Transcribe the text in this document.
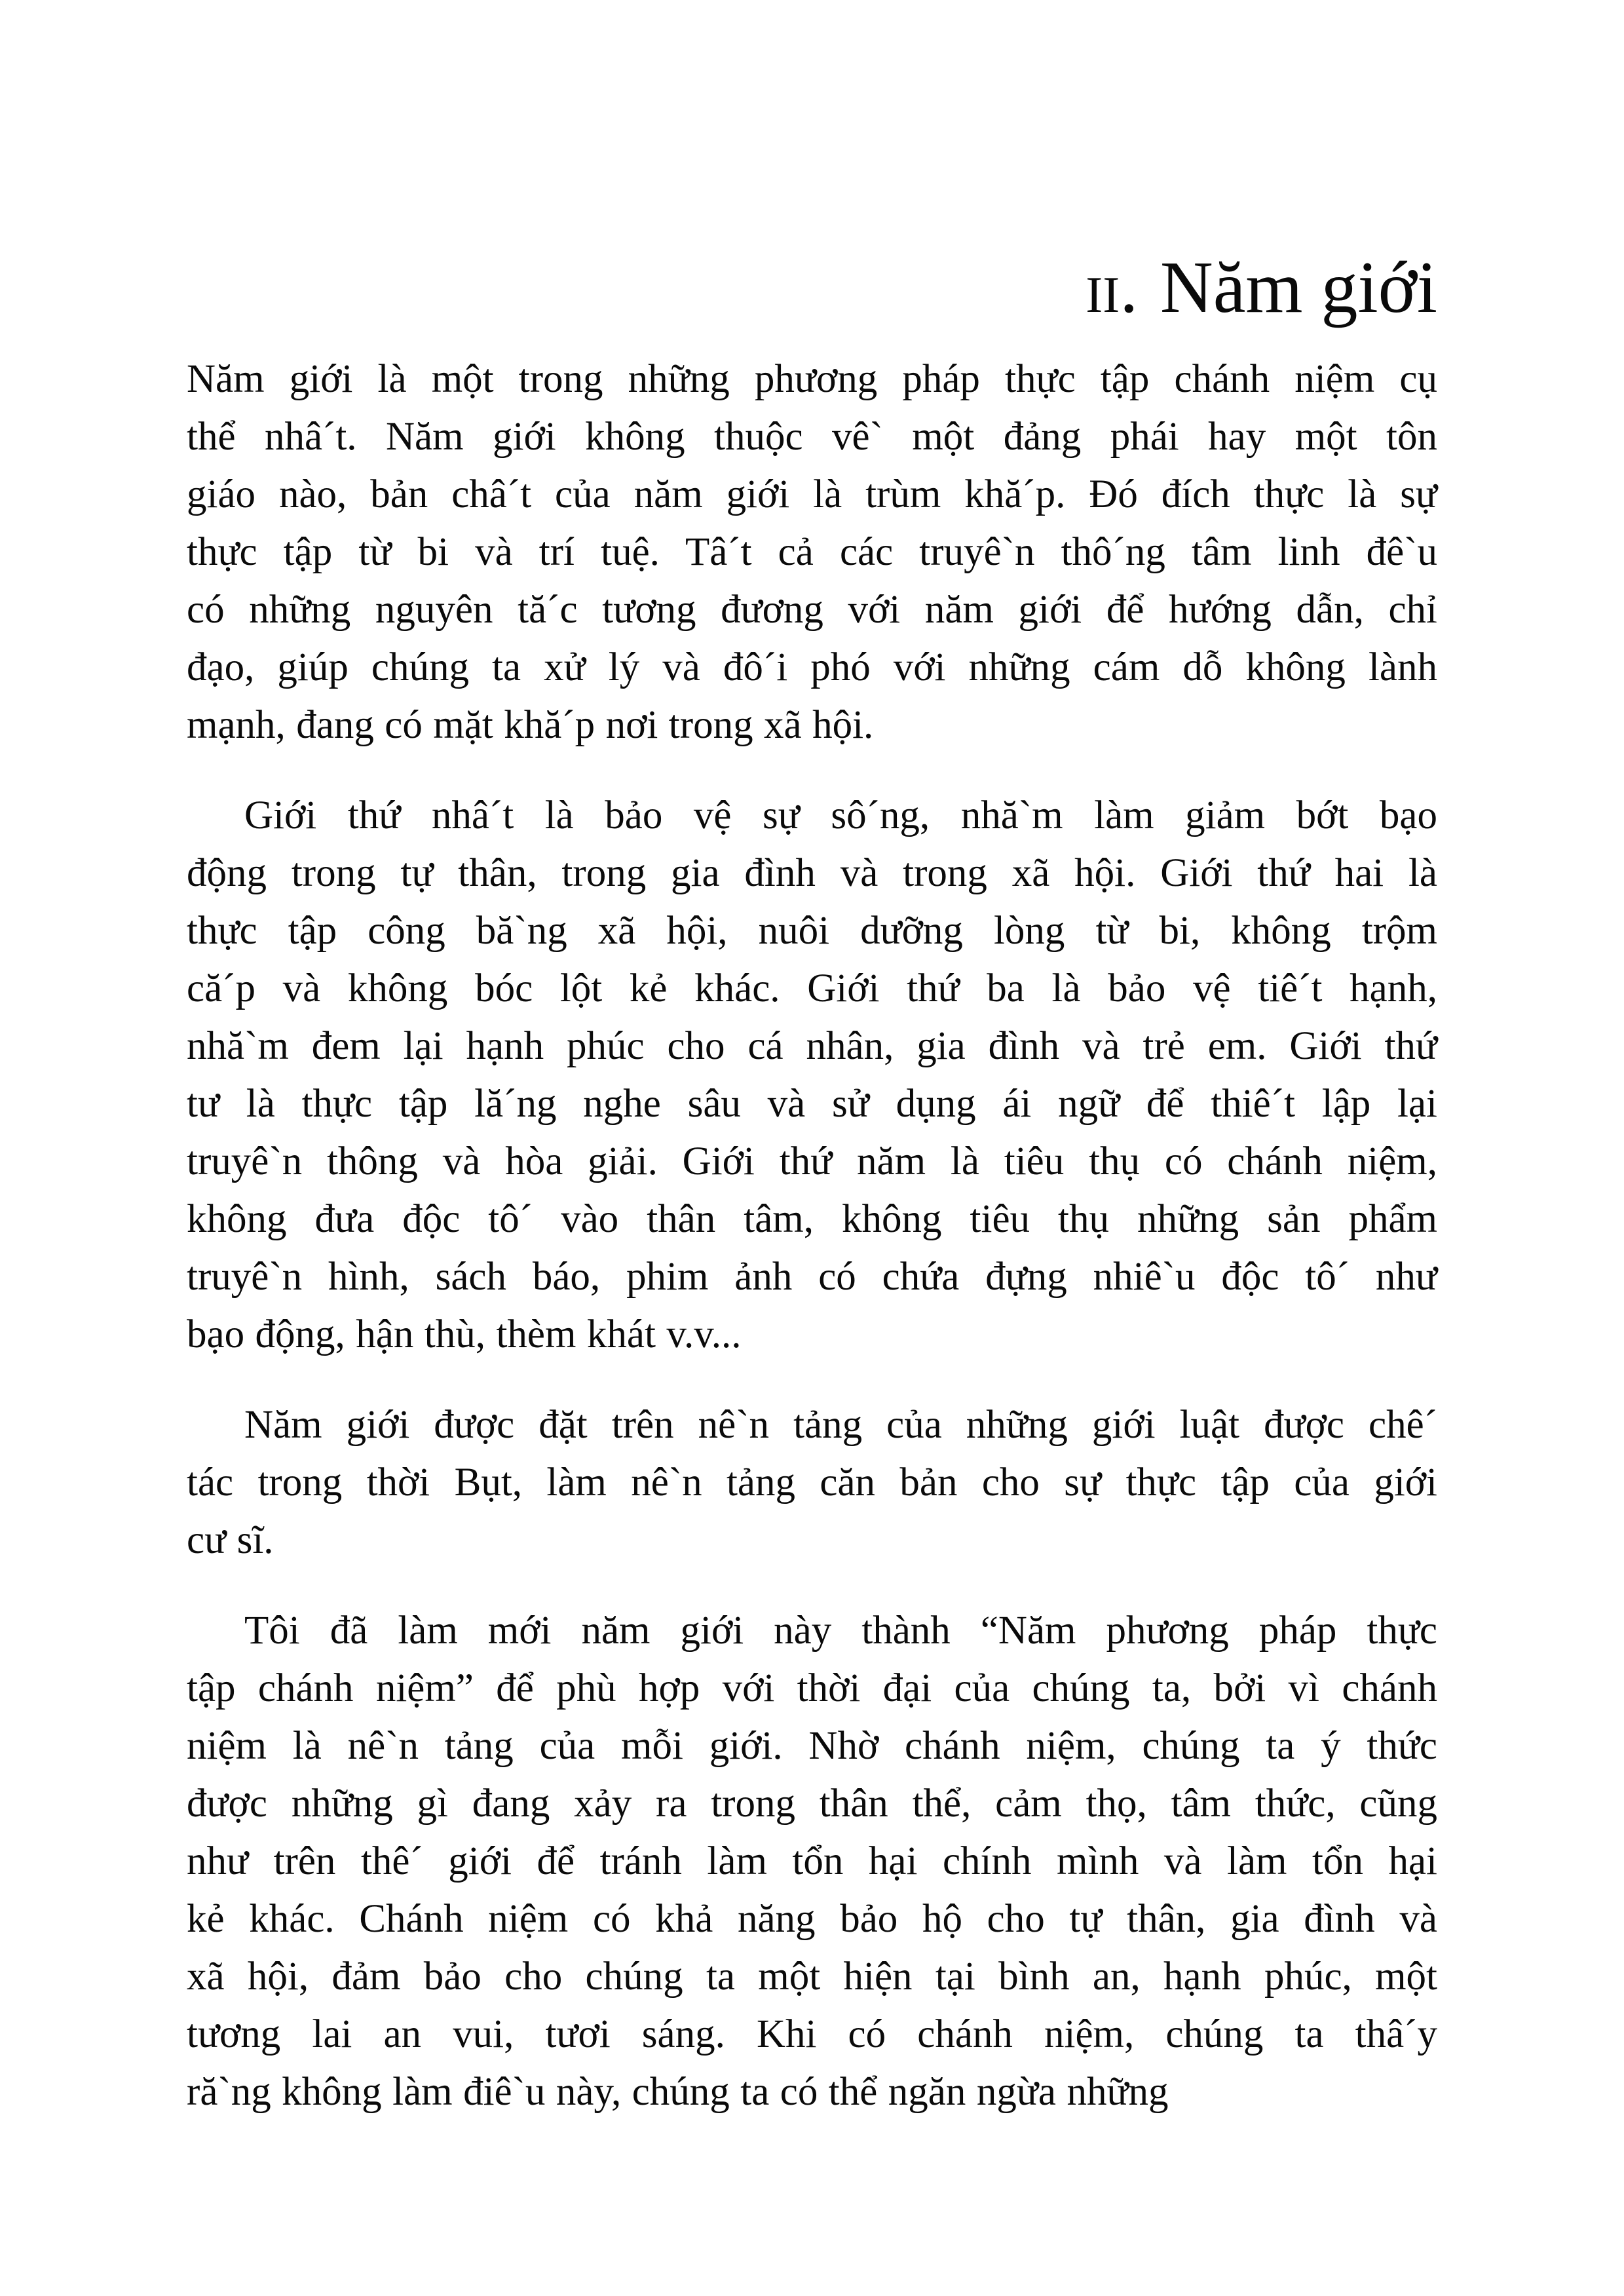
ii. Năm giới
Năm giới là một trong những phương pháp thực tập chánh niệm cụ
thể nhâ´t. Năm giới không thuộc vê` một đảng phái hay một tôn
giáo nào, bản châ´t của năm giới là trùm khă´p. Đó đích thực là sự
thực tập từ bi và trí tuệ. Tâ´t cả các truyê`n thô´ng tâm linh đê`u
có những nguyên tă´c tương đương với năm giới để hướng dẫn, chỉ
đạo, giúp chúng ta xử lý và đô´i phó với những cám dỗ không lành
mạnh, đang có mặt khă´p nơi trong xã hội.
Giới thứ nhâ´t là bảo vệ sự sô´ng, nhă`m làm giảm bớt bạo
động trong tự thân, trong gia đình và trong xã hội. Giới thứ hai là
thực tập công bă`ng xã hội, nuôi dưỡng lòng từ bi, không trộm
că´p và không bóc lột kẻ khác. Giới thứ ba là bảo vệ tiê´t hạnh,
nhă`m đem lại hạnh phúc cho cá nhân, gia đình và trẻ em. Giới thứ
tư là thực tập lă´ng nghe sâu và sử dụng ái ngữ để thiê´t lập lại
truyê`n thông và hòa giải. Giới thứ năm là tiêu thụ có chánh niệm,
không đưa độc tô´ vào thân tâm, không tiêu thụ những sản phẩm
truyê`n hình, sách báo, phim ảnh có chứa đựng nhiê`u độc tô´ như
bạo động, hận thù, thèm khát v.v...
Năm giới được đặt trên nê`n tảng của những giới luật được chê´
tác trong thời Bụt, làm nê`n tảng căn bản cho sự thực tập của giới
cư sĩ.
Tôi đã làm mới năm giới này thành “Năm phương pháp thực
tập chánh niệm” để phù hợp với thời đại của chúng ta, bởi vì chánh
niệm là nê`n tảng của mỗi giới. Nhờ chánh niệm, chúng ta ý thức
được những gì đang xảy ra trong thân thể, cảm thọ, tâm thức, cũng
như trên thê´ giới để tránh làm tổn hại chính mình và làm tổn hại
kẻ khác. Chánh niệm có khả năng bảo hộ cho tự thân, gia đình và
xã hội, đảm bảo cho chúng ta một hiện tại bình an, hạnh phúc, một
tương lai an vui, tươi sáng. Khi có chánh niệm, chúng ta thâ´y
ră`ng không làm điê`u này, chúng ta có thể ngăn ngừa những
